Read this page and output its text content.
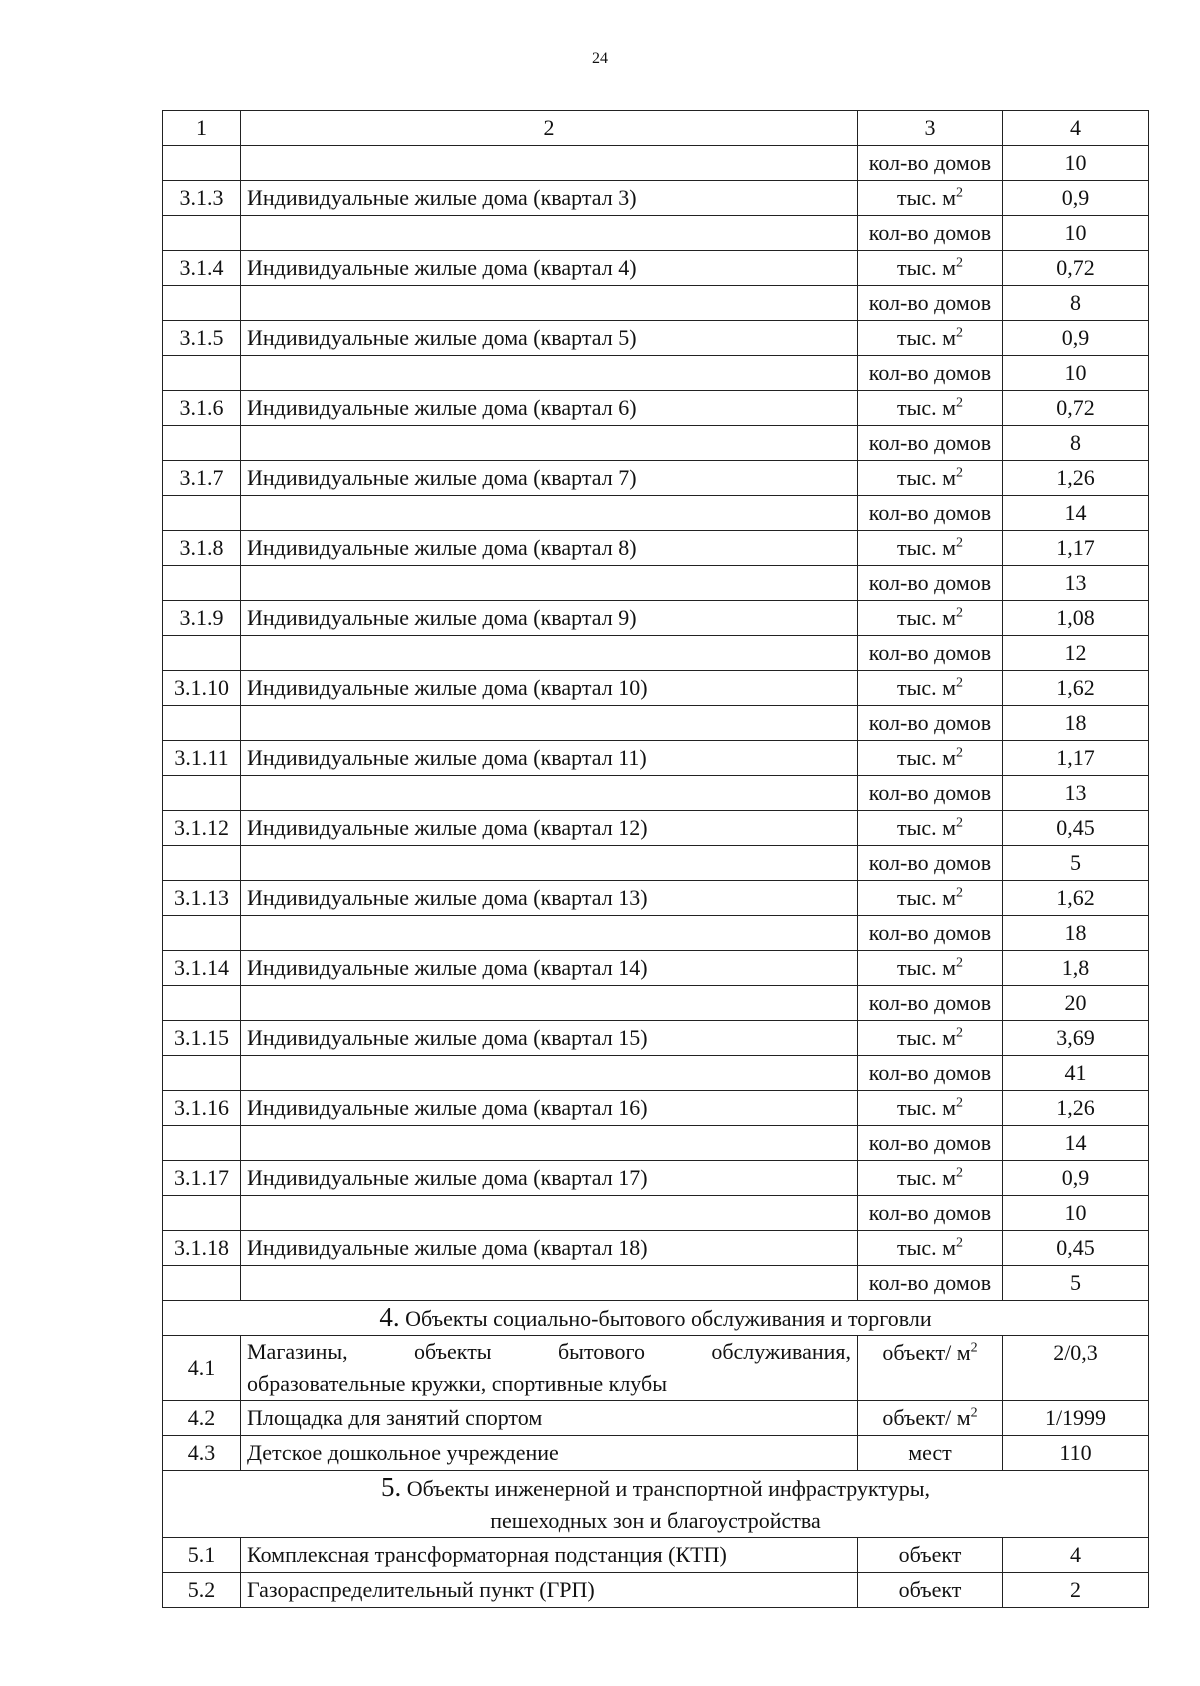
24
1	2	3	4
		кол-во домов	10
3.1.3	Индивидуальные жилые дома (квартал 3)	тыс. $м^2$	0,9
		кол-во домов	10
3.1.4	Индивидуальные жилые дома (квартал 4)	тыс. $м^2$	0,72
		кол-во домов	8
3.1.5	Индивидуальные жилые дома (квартал 5)	тыс. $м^2$	0,9
		кол-во домов	10
3.1.6	Индивидуальные жилые дома (квартал 6)	тыс. $м^2$	0,72
		кол-во домов	8
3.1.7	Индивидуальные жилые дома (квартал 7)	тыс. $м^2$	1,26
		кол-во домов	14
3.1.8	Индивидуальные жилые дома (квартал 8)	тыс. $м^2$	1,17
		кол-во домов	13
3.1.9	Индивидуальные жилые дома (квартал 9)	тыс. $м^2$	1,08
		кол-во домов	12
3.1.10	Индивидуальные жилые дома (квартал 10)	тыс. $м^2$	1,62
		кол-во домов	18
3.1.11	Индивидуальные жилые дома (квартал 11)	тыс. $м^2$	1,17
		кол-во домов	13
3.1.12	Индивидуальные жилые дома (квартал 12)	тыс. $м^2$	0,45
		кол-во домов	5
3.1.13	Индивидуальные жилые дома (квартал 13)	тыс. $м^2$	1,62
		кол-во домов	18
3.1.14	Индивидуальные жилые дома (квартал 14)	тыс. $м^2$	1,8
		кол-во домов	20
3.1.15	Индивидуальные жилые дома (квартал 15)	тыс. $м^2$	3,69
		кол-во домов	41
3.1.16	Индивидуальные жилые дома (квартал 16)	тыс. $м^2$	1,26
		кол-во домов	14
3.1.17	Индивидуальные жилые дома (квартал 17)	тыс. $м^2$	0,9
		кол-во домов	10
3.1.18	Индивидуальные жилые дома (квартал 18)	тыс. $м^2$	0,45
		кол-во домов	5
4. Объекты социально-бытового обслуживания и торговли			
4.1	Магазины, объекты бытового обслуживания,
образовательные кружки, спортивные клубы	объект/ $м^2$	2/0,3
4.2	Площадка для занятий спортом	объект/ $м^2$	1/1999
4.3	Детское дошкольное учреждение	мест	110
5. Объекты инженерной и транспортной инфраструктуры,
пешеходных зон и благоустройства			
5.1	Комплексная трансформаторная подстанция (КТП)	объект	4
5.2	Газораспределительный пункт (ГРП)	объект	2
